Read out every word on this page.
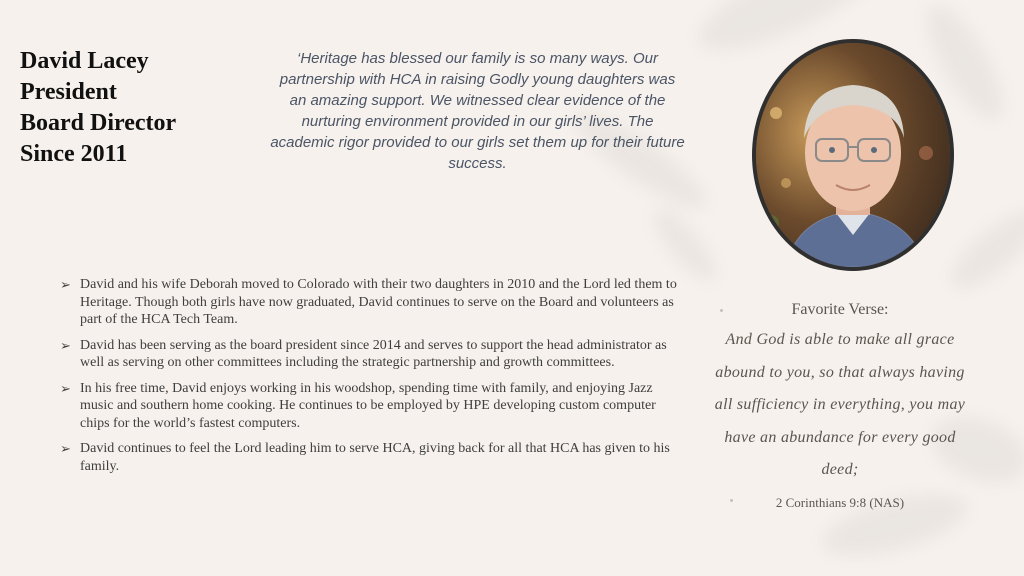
David Lacey
President
Board Director
Since 2011
‘Heritage has blessed our family is so many ways. Our partnership with HCA in raising Godly young daughters was an amazing support. We witnessed clear evidence of the nurturing environment provided in our girls’ lives. The academic rigor provided to our girls set them up for their future success.
➢ David and his wife Deborah moved to Colorado with their two daughters in 2010 and the Lord led them to Heritage. Though both girls have now graduated, David continues to serve on the Board and volunteers as part of the HCA Tech Team.
➢ David has been serving as the board president since 2014 and serves to support the head administrator as well as serving on other committees including the strategic partnership and growth committees.
➢ In his free time, David enjoys working in his woodshop, spending time with family, and enjoying Jazz music and southern home cooking. He continues to be employed by HPE developing custom computer chips for the world’s fastest computers.
➢ David continues to feel the Lord leading him to serve HCA, giving back for all that HCA has given to his family.
Favorite Verse:
And God is able to make all grace abound to you, so that always having all sufficiency in everything, you may have an abundance for every good deed;
2 Corinthians 9:8 (NAS)
